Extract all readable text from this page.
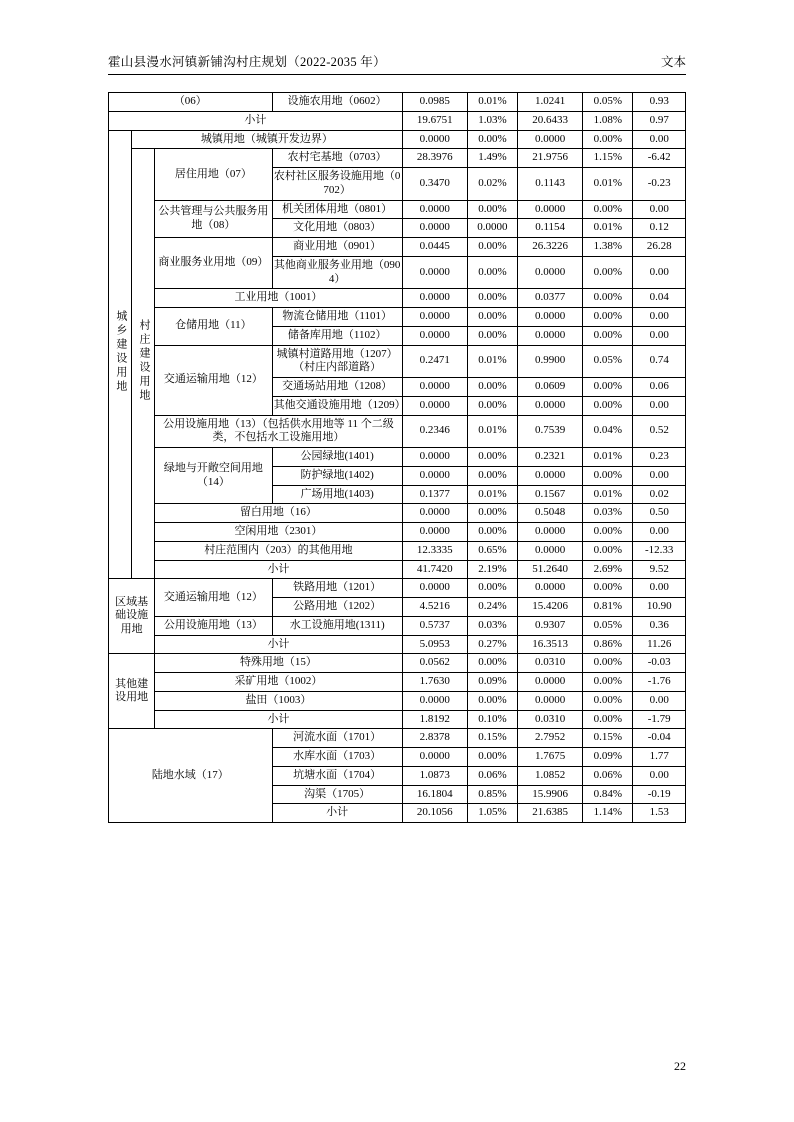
霍山县漫水河镇新铺沟村庄规划（2022-2035 年）	文本
（06）			设施农用地（0602）	0.0985	0.01%	1.0241	0.05%	0.93
小计				19.6751	1.03%	20.6433	1.08%	0.97
城乡建设用地	城镇用地（城镇开发边界）			0.0000	0.00%	0.0000	0.00%	0.00
	村庄建设用地	居住用地（07）	农村宅基地（0703）	28.3976	1.49%	21.9756	1.15%	-6.42
			农村社区服务设施用地（0702）	0.3470	0.02%	0.1143	0.01%	-0.23
		公共管理与公共服务用地（08）	机关团体用地（0801）	0.0000	0.00%	0.0000	0.00%	0.00
			文化用地（0803）	0.0000	0.0000	0.1154	0.01%	0.12
		商业服务业用地（09）	商业用地（0901）	0.0445	0.00%	26.3226	1.38%	26.28
			其他商业服务业用地（0904）	0.0000	0.00%	0.0000	0.00%	0.00
		工业用地（1001）		0.0000	0.00%	0.0377	0.00%	0.04
		仓储用地（11）	物流仓储用地（1101）	0.0000	0.00%	0.0000	0.00%	0.00
			储备库用地（1102）	0.0000	0.00%	0.0000	0.00%	0.00
		交通运输用地（12）	城镇村道路用地（1207）（村庄内部道路）	0.2471	0.01%	0.9900	0.05%	0.74
			交通场站用地（1208）	0.0000	0.00%	0.0609	0.00%	0.06
			其他交通设施用地（1209）	0.0000	0.00%	0.0000	0.00%	0.00
		公用设施用地（13）（包括供水用地等 11 个二级类，不包括水工设施用地）		0.2346	0.01%	0.7539	0.04%	0.52
		绿地与开敞空间用地（14）	公园绿地(1401)	0.0000	0.00%	0.2321	0.01%	0.23
			防护绿地(1402)	0.0000	0.00%	0.0000	0.00%	0.00
			广场用地(1403)	0.1377	0.01%	0.1567	0.01%	0.02
		留白用地（16）		0.0000	0.00%	0.5048	0.03%	0.50
		空闲用地（2301）		0.0000	0.00%	0.0000	0.00%	0.00
		村庄范围内（203）的其他用地		12.3335	0.65%	0.0000	0.00%	-12.33
		小计		41.7420	2.19%	51.2640	2.69%	9.52
区域基础设施用地		交通运输用地（12）	铁路用地（1201）	0.0000	0.00%	0.0000	0.00%	0.00
			公路用地（1202）	4.5216	0.24%	15.4206	0.81%	10.90
		公用设施用地（13）	水工设施用地(1311)	0.5737	0.03%	0.9307	0.05%	0.36
		小计		5.0953	0.27%	16.3513	0.86%	11.26
其他建设用地		特殊用地（15）		0.0562	0.00%	0.0310	0.00%	-0.03
		采矿用地（1002）		1.7630	0.09%	0.0000	0.00%	-1.76
		盐田（1003）		0.0000	0.00%	0.0000	0.00%	0.00
		小计		1.8192	0.10%	0.0310	0.00%	-1.79
陆地水域（17）			河流水面（1701）	2.8378	0.15%	2.7952	0.15%	-0.04
			水库水面（1703）	0.0000	0.00%	1.7675	0.09%	1.77
			坑塘水面（1704）	1.0873	0.06%	1.0852	0.06%	0.00
			沟渠（1705）	16.1804	0.85%	15.9906	0.84%	-0.19
			小计	20.1056	1.05%	21.6385	1.14%	1.53
22
